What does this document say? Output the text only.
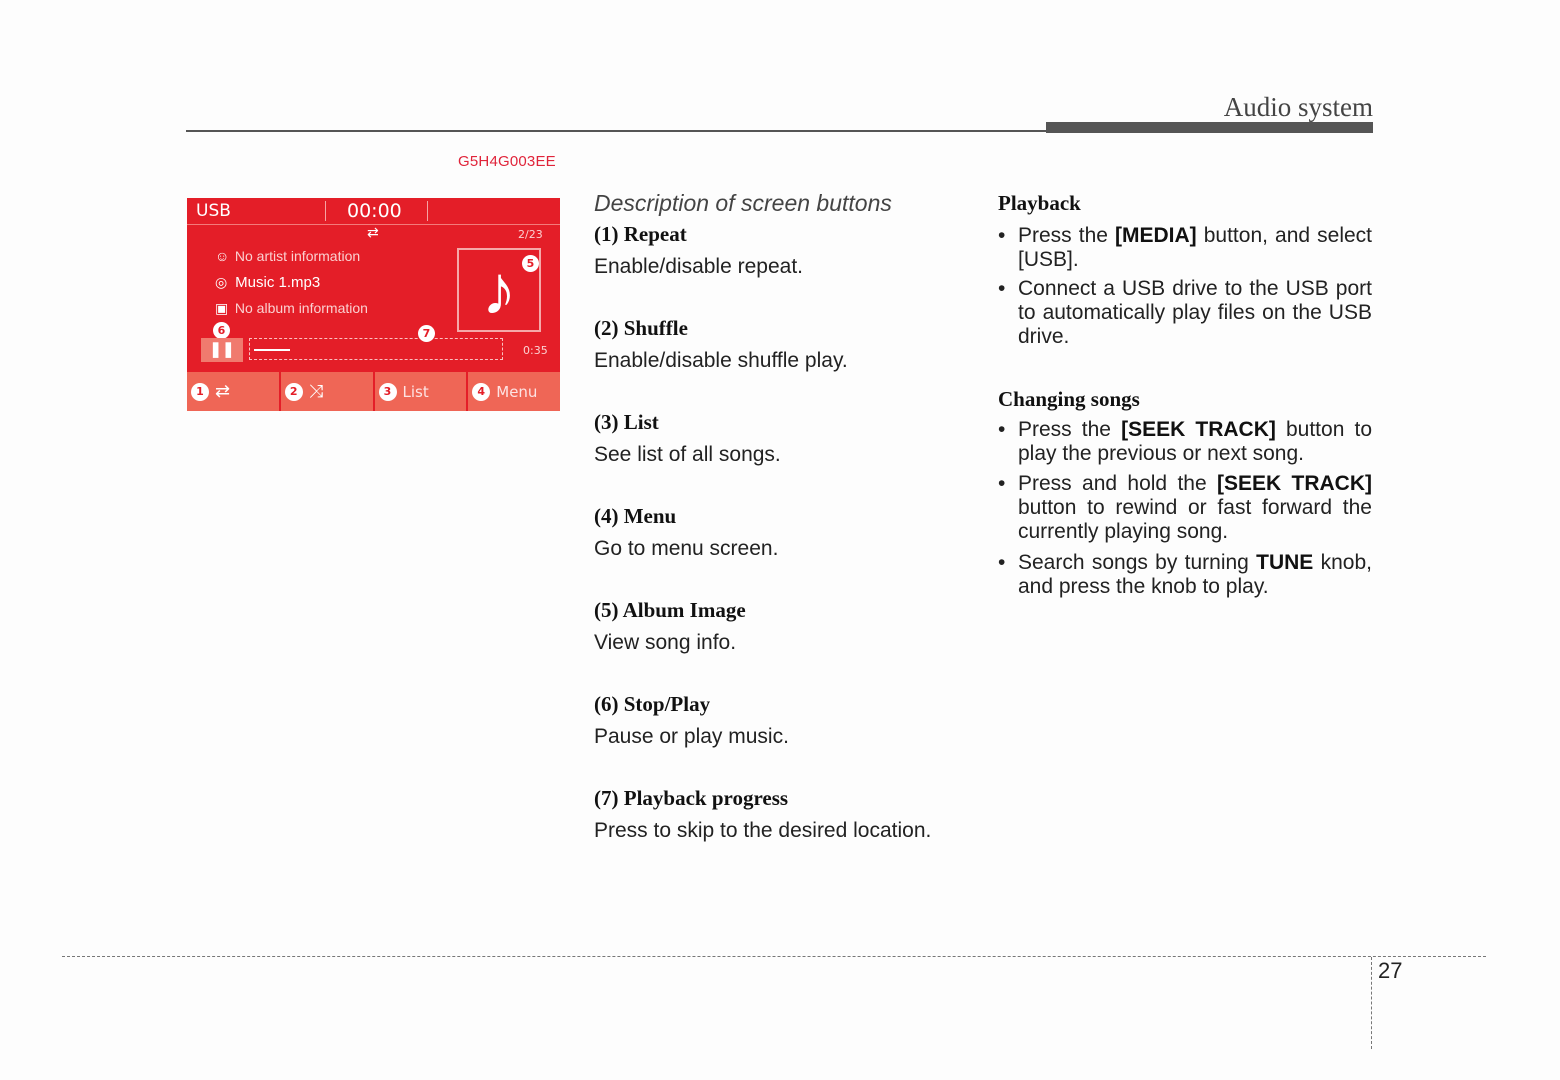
Audio system
G5H4G003EE
USB	00:00
⇄	2/23
☺ No artist information
◎ Music 1.mp3
▣ No album information	♪ 5
6
❚❚
7
0:35
1 ⇄	2 ⤨	3 List	4 Menu
Description of screen buttons
(1) Repeat
Enable/disable repeat.
(2) Shuffle
Enable/disable shuffle play.
(3) List
See list of all songs.
(4) Menu
Go to menu screen.
(5) Album Image
View song info.
(6) Stop/Play
Pause or play music.
(7) Playback progress
Press to skip to the desired location.
Playback
• Press the [MEDIA] button, and select [USB].
• Connect a USB drive to the USB port to automatically play files on the USB drive.
Changing songs
• Press the [SEEK TRACK] button to play the previous or next song.
• Press and hold the [SEEK TRACK] button to rewind or fast forward the currently playing song.
• Search songs by turning TUNE knob, and press the knob to play.
27
